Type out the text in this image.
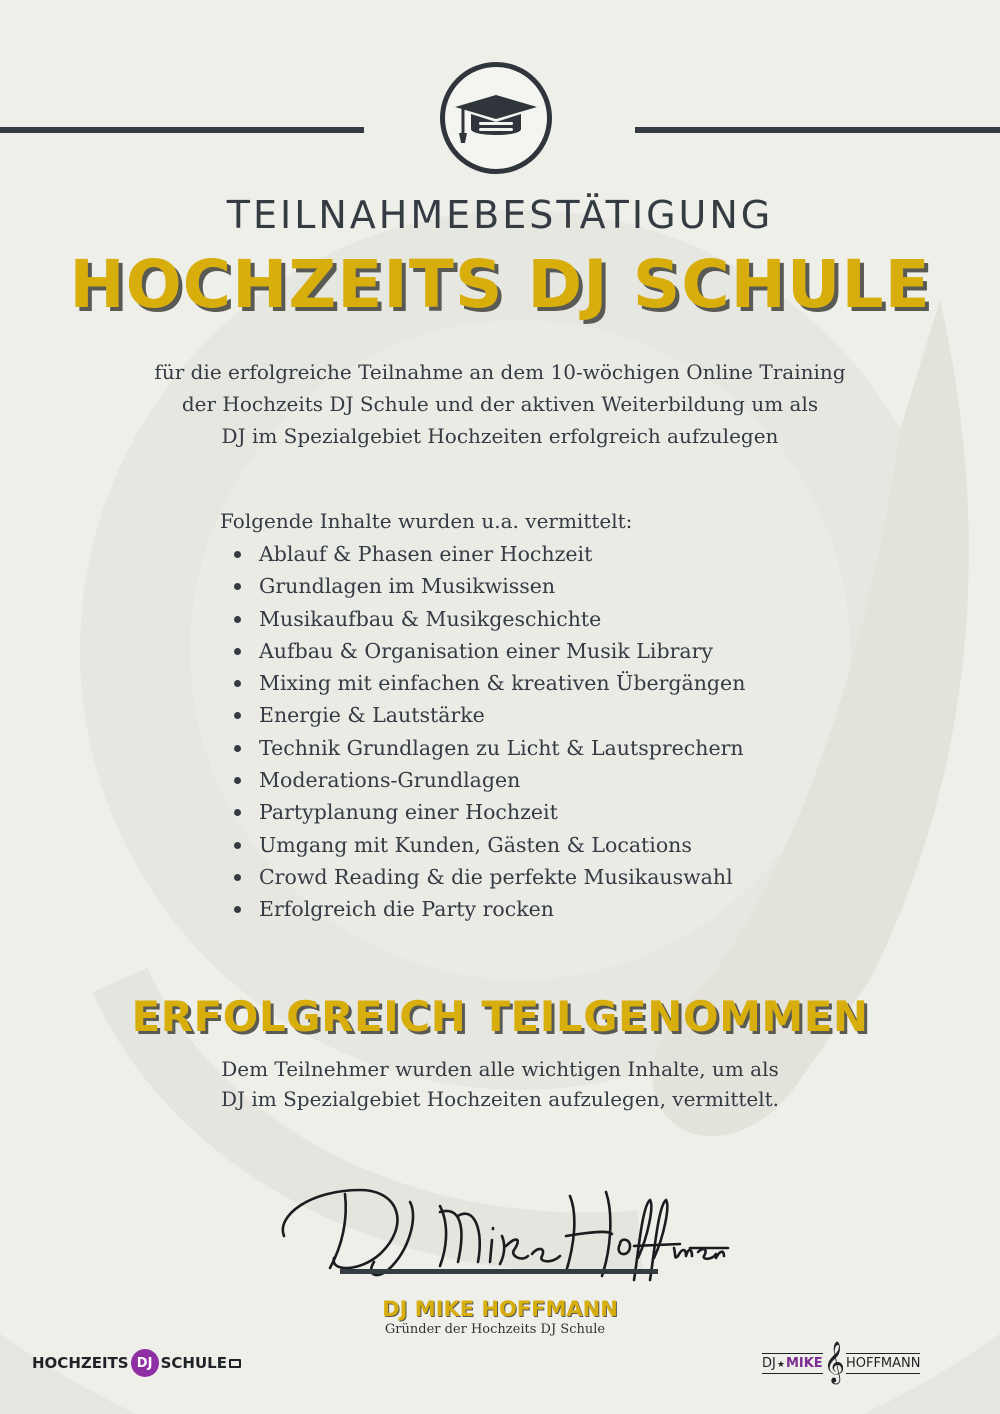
TEILNAHMEBESTÄTIGUNG
HOCHZEITS DJ SCHULE
für die erfolgreiche Teilnahme an dem 10-wöchigen Online Training
der Hochzeits DJ Schule und der aktiven Weiterbildung um als
DJ im Spezialgebiet Hochzeiten erfolgreich aufzulegen
Folgende Inhalte wurden u.a. vermittelt:
Ablauf & Phasen einer Hochzeit
Grundlagen im Musikwissen
Musikaufbau & Musikgeschichte
Aufbau & Organisation einer Musik Library
Mixing mit einfachen & kreativen Übergängen
Energie & Lautstärke
Technik Grundlagen zu Licht & Lautsprechern
Moderations-Grundlagen
Partyplanung einer Hochzeit
Umgang mit Kunden, Gästen & Locations
Crowd Reading & die perfekte Musikauswahl
Erfolgreich die Party rocken
ERFOLGREICH TEILGENOMMEN
Dem Teilnehmer wurden alle wichtigen Inhalte, um als
DJ im Spezialgebiet Hochzeiten aufzulegen, vermittelt.
DJ MIKE HOFFMANN
Gründer der Hochzeits DJ Schule
HOCHZEITS DJ SCHULE	DJ★MIKE 𝄞 HOFFMANN
